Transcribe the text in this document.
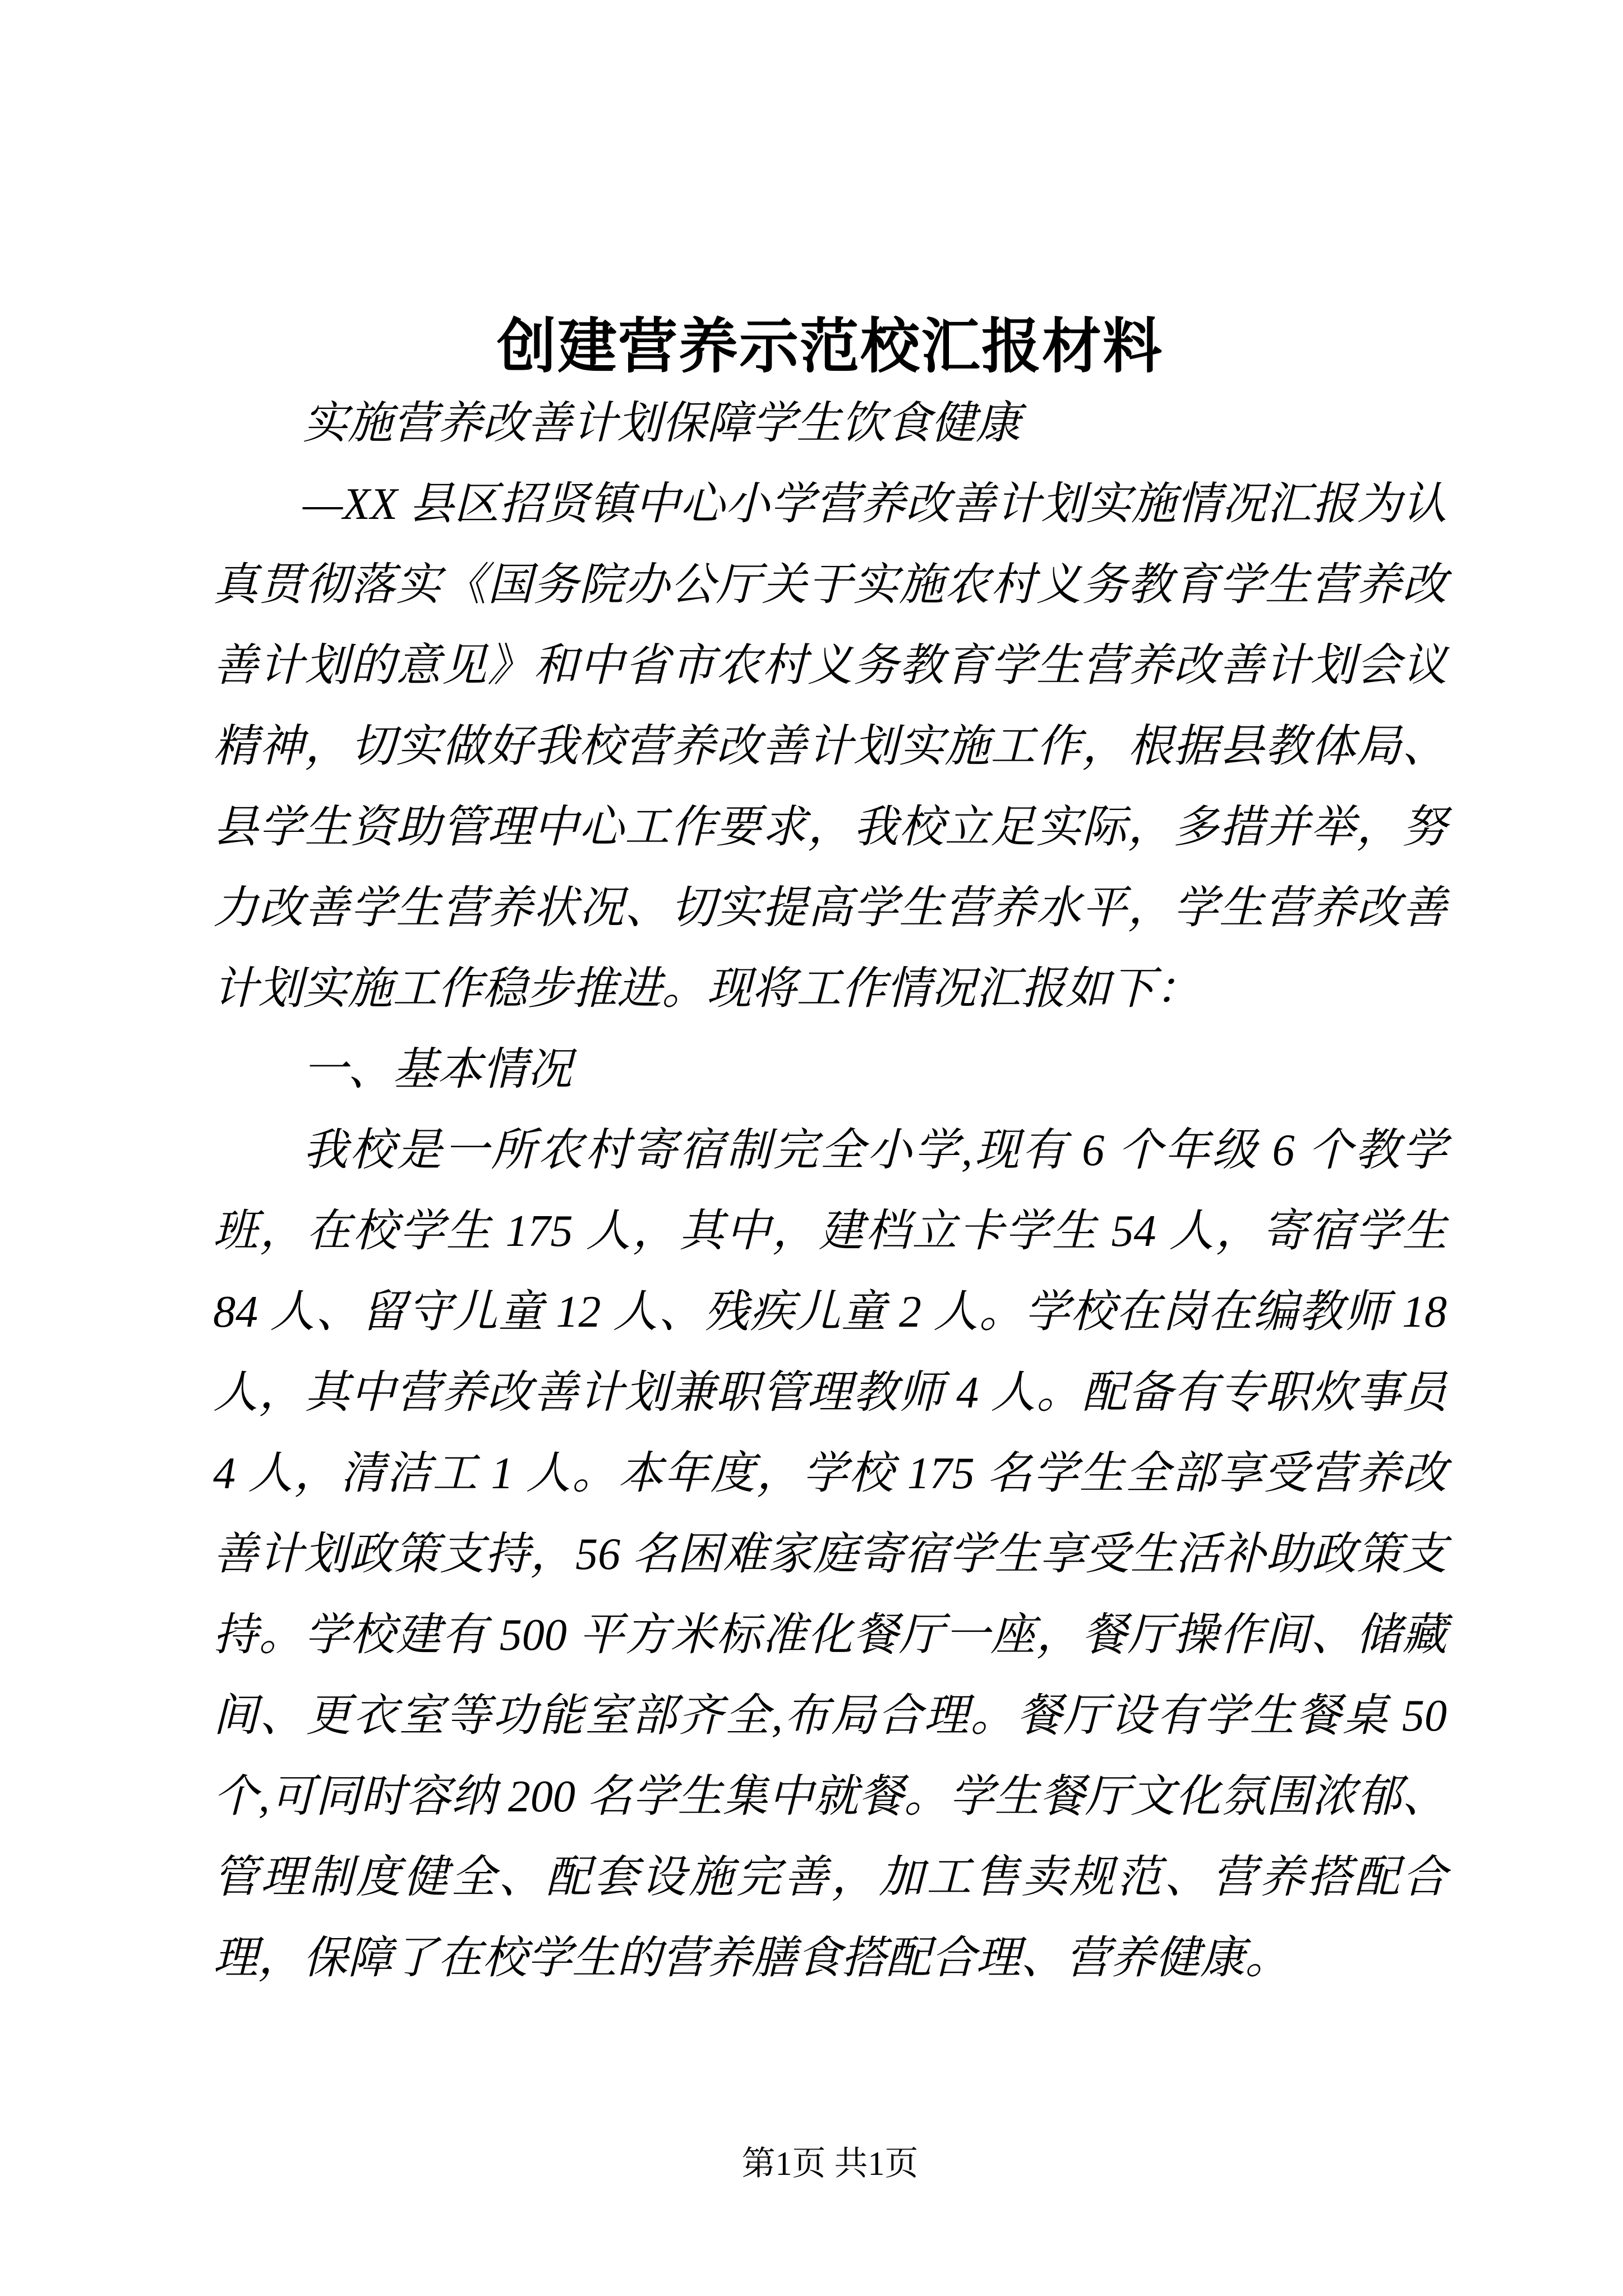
创建营养示范校汇报材料

实施营养改善计划保障学生饮食健康

—XX 县区招贤镇中心小学营养改善计划实施情况汇报为认真贯彻落实《国务院办公厅关于实施农村义务教育学生营养改善计划的意见》和中省市农村义务教育学生营养改善计划会议精神，切实做好我校营养改善计划实施工作，根据县教体局、县学生资助管理中心工作要求，我校立足实际，多措并举，努力改善学生营养状况、切实提高学生营养水平，学生营养改善计划实施工作稳步推进。现将工作情况汇报如下：

一、基本情况

我校是一所农村寄宿制完全小学,现有 6 个年级 6 个教学班，在校学生 175 人，其中，建档立卡学生 54 人，寄宿学生 84 人、留守儿童 12 人、残疾儿童 2 人。学校在岗在编教师 18 人，其中营养改善计划兼职管理教师 4 人。配备有专职炊事员 4 人，清洁工 1 人。本年度，学校 175 名学生全部享受营养改善计划政策支持，56 名困难家庭寄宿学生享受生活补助政策支持。学校建有 500 平方米标准化餐厅一座，餐厅操作间、储藏间、更衣室等功能室部齐全,布局合理。餐厅设有学生餐桌 50 个,可同时容纳 200 名学生集中就餐。学生餐厅文化氛围浓郁、管理制度健全、配套设施完善，加工售卖规范、营养搭配合理，保障了在校学生的营养膳食搭配合理、营养健康。

第1页 共1页
